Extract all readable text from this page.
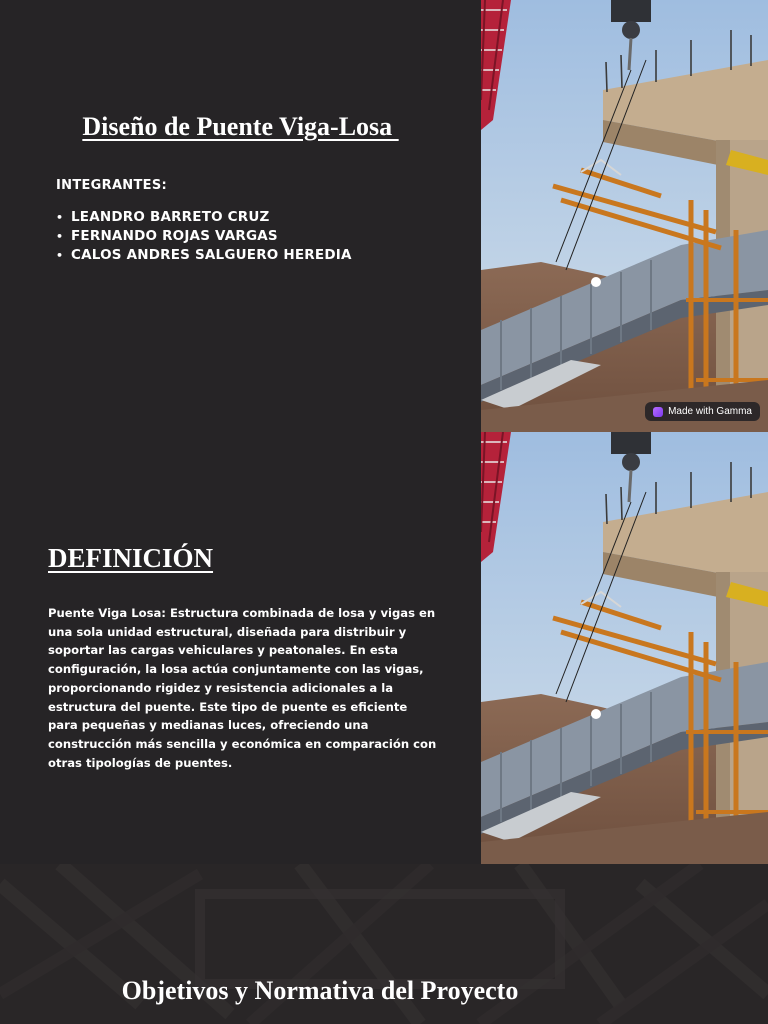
Diseño de Puente Viga-Losa
INTEGRANTES:
• LEANDRO BARRETO CRUZ
• FERNANDO ROJAS VARGAS
• CALOS ANDRES SALGUERO HEREDIA
Made with Gamma
DEFINICIÓN

Puente Viga Losa: Estructura combinada de losa y vigas en una sola unidad estructural, diseñada para distribuir y soportar las cargas vehiculares y peatonales. En esta configuración, la losa actúa conjuntamente con las vigas, proporcionando rigidez y resistencia adicionales a la estructura del puente. Este tipo de puente es eficiente para pequeñas y medianas luces, ofreciendo una construcción más sencilla y económica en comparación con otras tipologías de puentes.

Objetivos y Normativa del Proyecto
